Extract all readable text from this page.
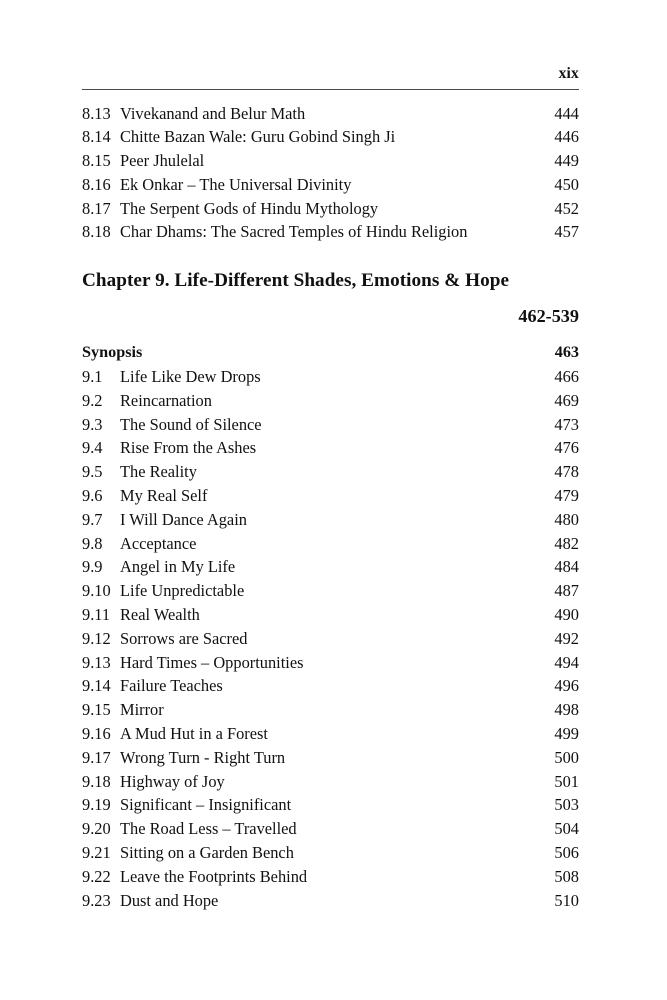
xix
8.13 Vivekanand and Belur Math	444
8.14 Chitte Bazan Wale: Guru Gobind Singh Ji	446
8.15 Peer Jhulelal	449
8.16 Ek Onkar – The Universal Divinity	450
8.17 The Serpent Gods of Hindu Mythology	452
8.18 Char Dhams: The Sacred Temples of Hindu Religion	457
Chapter 9. Life-Different Shades, Emotions & Hope
462-539
Synopsis	463
9.1	Life Like Dew Drops	466
9.2	Reincarnation	469
9.3	The Sound of Silence	473
9.4	Rise From the Ashes	476
9.5	The Reality	478
9.6	My Real Self	479
9.7	I Will Dance Again	480
9.8	Acceptance	482
9.9	Angel in My Life	484
9.10 Life Unpredictable	487
9.11 Real Wealth	490
9.12 Sorrows are Sacred	492
9.13 Hard Times – Opportunities	494
9.14 Failure Teaches	496
9.15 Mirror	498
9.16 A Mud Hut in a Forest	499
9.17 Wrong Turn - Right Turn	500
9.18 Highway of Joy	501
9.19 Significant – Insignificant	503
9.20 The Road Less – Travelled	504
9.21 Sitting on a Garden Bench	506
9.22 Leave the Footprints Behind	508
9.23 Dust and Hope	510
